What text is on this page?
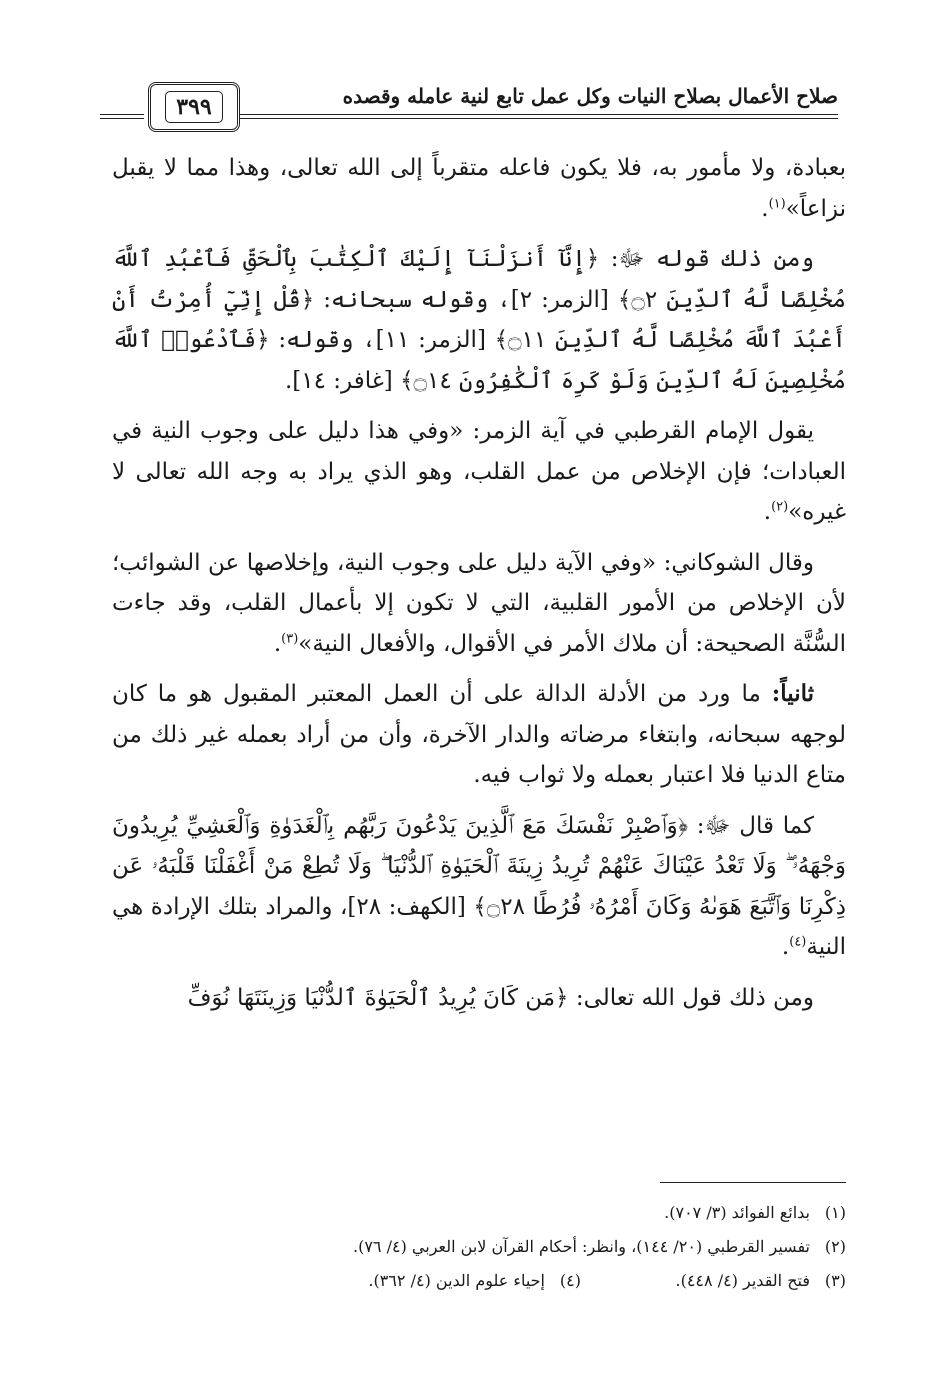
صلاح الأعمال بصلاح النيات وكل عمل تابع لنية عامله وقصده
٣٩٩

بعبادة، ولا مأمور به، فلا يكون فاعله متقرباً إلى الله تعالى، وهذا مما لا يقبل نزاعاً»$^{(١)}$.

ومن ذلك قوله ﷻ: ﴿إِنَّآ أَنزَلْنَآ إِلَيْكَ ٱلْكِتَٰبَ بِٱلْحَقِّ فَٱعْبُدِ ٱللَّهَ مُخْلِصًا لَّهُ ٱلدِّينَ ۝٢﴾ [الزمر: ٢]، وقوله سبحانه: ﴿قُلْ إِنِّيٓ أُمِرْتُ أَنْ أَعْبُدَ ٱللَّهَ مُخْلِصًا لَّهُ ٱلدِّينَ ۝١١﴾ [الزمر: ١١]، وقوله: ﴿فَٱدْعُوا۟ ٱللَّهَ مُخْلِصِينَ لَهُ ٱلدِّينَ وَلَوْ كَرِهَ ٱلْكَٰفِرُونَ ۝١٤﴾ [غافر: ١٤].

يقول الإمام القرطبي في آية الزمر: «وفي هذا دليل على وجوب النية في العبادات؛ فإن الإخلاص من عمل القلب، وهو الذي يراد به وجه الله تعالى لا غيره»$^{(٢)}$.

وقال الشوكاني: «وفي الآية دليل على وجوب النية، وإخلاصها عن الشوائب؛ لأن الإخلاص من الأمور القلبية، التي لا تكون إلا بأعمال القلب، وقد جاءت السُّنَّة الصحيحة: أن ملاك الأمر في الأقوال، والأفعال النية»$^{(٣)}$.

ثانياً: ما ورد من الأدلة الدالة على أن العمل المعتبر المقبول هو ما كان لوجهه سبحانه، وابتغاء مرضاته والدار الآخرة، وأن من أراد بعمله غير ذلك من متاع الدنيا فلا اعتبار بعمله ولا ثواب فيه.

كما قال ﷻ: ﴿وَٱصْبِرْ نَفْسَكَ مَعَ ٱلَّذِينَ يَدْعُونَ رَبَّهُم بِٱلْغَدَوٰةِ وَٱلْعَشِيِّ يُرِيدُونَ وَجْهَهُۥ ۖ وَلَا تَعْدُ عَيْنَاكَ عَنْهُمْ تُرِيدُ زِينَةَ ٱلْحَيَوٰةِ ٱلدُّنْيَا ۖ وَلَا تُطِعْ مَنْ أَغْفَلْنَا قَلْبَهُۥ عَن ذِكْرِنَا وَٱتَّبَعَ هَوَىٰهُ وَكَانَ أَمْرُهُۥ فُرُطًا ۝٢٨﴾ [الكهف: ٢٨]، والمراد بتلك الإرادة هي النية$^{(٤)}$.

ومن ذلك قول الله تعالى: ﴿مَن كَانَ يُرِيدُ ٱلْحَيَوٰةَ ٱلدُّنْيَا وَزِينَتَهَا نُوَفِّ

(١)بدائع الفوائد (٣/ ٧٠٧).
(٢)تفسير القرطبي (٢٠/ ١٤٤)، وانظر: أحكام القرآن لابن العربي (٤/ ٧٦).
(٣)فتح القدير (٤/ ٤٤٨).
(٤)إحياء علوم الدين (٤/ ٣٦٢).
